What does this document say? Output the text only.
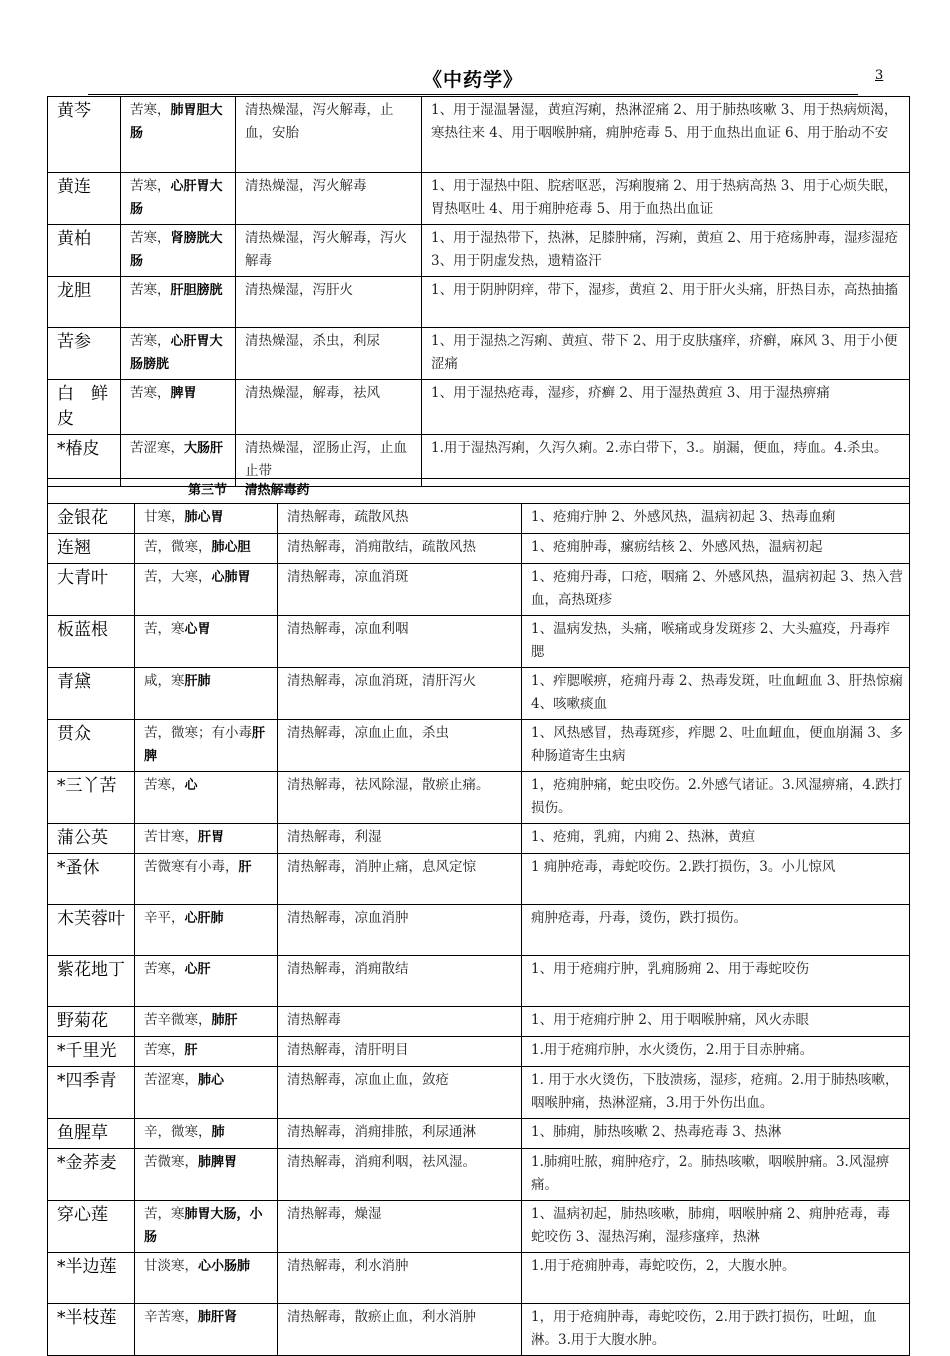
《中药学》	3
黄芩	苦寒，肺胃胆大肠	清热燥湿，泻火解毒，止血，安胎	1、用于湿温暑湿，黄疸泻痢，热淋涩痛 2、用于肺热咳嗽 3、用于热病烦渴，寒热往来 4、用于咽喉肿痛，痈肿疮毒 5、用于血热出血证 6、用于胎动不安
黄连	苦寒，心肝胃大肠	清热燥湿，泻火解毒	1、用于湿热中阻、脘痞呕恶，泻痢腹痛 2、用于热病高热 3、用于心烦失眠，胃热呕吐 4、用于痈肿疮毒 5、用于血热出血证
黄柏	苦寒，肾膀胱大肠	清热燥湿，泻火解毒，泻火解毒	1、用于湿热带下，热淋，足膝肿痛，泻痢，黄疸 2、用于疮疡肿毒，湿疹湿疮 3、用于阴虚发热，遗精盗汗
龙胆	苦寒，肝胆膀胱	清热燥湿，泻肝火	1、用于阴肿阴痒，带下，湿疹，黄疸 2、用于肝火头痛，肝热目赤，高热抽搐
苦参	苦寒，心肝胃大肠膀胱	清热燥湿，杀虫，利尿	1、用于湿热之泻痢、黄疸、带下 2、用于皮肤瘙痒，疥癣，麻风 3、用于小便涩痛
白　鲜　皮	苦寒，脾胃	清热燥湿，解毒，祛风	1、用于湿热疮毒，湿疹，疥癣 2、用于湿热黄疸 3、用于湿热痹痛
*椿皮	苦涩寒，大肠肝	清热燥湿，涩肠止泻，止血止带	1.用于湿热泻痢，久泻久痢。2.赤白带下，3.。崩漏，便血，痔血。4.杀虫。
第三节　 清热解毒药			
金银花	甘寒，肺心胃	清热解毒，疏散风热	1、疮痈疔肿 2、外感风热，温病初起 3、热毒血痢
连翘	苦，微寒，肺心胆	清热解毒，消痈散结，疏散风热	1、疮痈肿毒，瘰疬结核 2、外感风热，温病初起
大青叶	苦，大寒，心肺胃	清热解毒，凉血消斑	1、疮痈丹毒，口疮，咽痛 2、外感风热，温病初起 3、热入营血，高热斑疹
板蓝根	苦，寒心胃	清热解毒，凉血利咽	1、温病发热，头痛，喉痛或身发斑疹 2、大头瘟疫，丹毒痄腮
青黛	咸，寒肝肺	清热解毒，凉血消斑，清肝泻火	1、痄腮喉痹，疮痈丹毒 2、热毒发斑，吐血衄血 3、肝热惊痫 4、咳嗽痰血
贯众	苦，微寒；有小毒肝脾	清热解毒，凉血止血，杀虫	1、风热感冒，热毒斑疹，痄腮 2、吐血衄血，便血崩漏 3、多种肠道寄生虫病
*三丫苦	苦寒，心	清热解毒，祛风除湿，散瘀止痛。	1，疮痈肿痛，蛇虫咬伤。2.外感气诸证。3.风湿痹痛，4.跌打损伤。
蒲公英	苦甘寒，肝胃	清热解毒，利湿	1、疮痈，乳痈，内痈 2、热淋，黄疸
*蚤休	苦微寒有小毒，肝	清热解毒，消肿止痛，息风定惊	1 痈肿疮毒，毒蛇咬伤。2.跌打损伤，3。小儿惊风
木芙蓉叶	辛平，心肝肺	清热解毒，凉血消肿	痈肿疮毒，丹毒，烫伤，跌打损伤。
紫花地丁	苦寒，心肝	清热解毒，消痈散结	1、用于疮痈疔肿，乳痈肠痈 2、用于毒蛇咬伤
野菊花	苦辛微寒，肺肝	清热解毒	1、用于疮痈疔肿 2、用于咽喉肿痛，风火赤眼
*千里光	苦寒，肝	清热解毒，清肝明目	1.用于疮痈疖肿，水火烫伤，2.用于目赤肿痛。
*四季青	苦涩寒，肺心	清热解毒，凉血止血，敛疮	1. 用于水火烫伤，下肢溃疡，湿疹，疮痈。2.用于肺热咳嗽，咽喉肿痛，热淋涩痛，3.用于外伤出血。
鱼腥草	辛，微寒，肺	清热解毒，消痈排脓，利尿通淋	1、肺痈，肺热咳嗽 2、热毒疮毒 3、热淋
*金荞麦	苦微寒，肺脾胃	清热解毒，消痈利咽，祛风湿。	1.肺痈吐脓，痈肿疮疗，2。肺热咳嗽，咽喉肿痛。3.风湿痹痛。
穿心莲	苦，寒肺胃大肠，小肠	清热解毒，燥湿	1、温病初起，肺热咳嗽，肺痈，咽喉肿痛 2、痈肿疮毒，毒蛇咬伤 3、湿热泻痢，湿疹瘙痒，热淋
*半边莲	甘淡寒，心小肠肺	清热解毒，利水消肿	1.用于疮痈肿毒，毒蛇咬伤，2，大腹水肿。
*半枝莲	辛苦寒，肺肝肾	清热解毒，散瘀止血，利水消肿	1，用于疮痈肿毒，毒蛇咬伤，2.用于跌打损伤，吐衄，血淋。3.用于大腹水肿。
